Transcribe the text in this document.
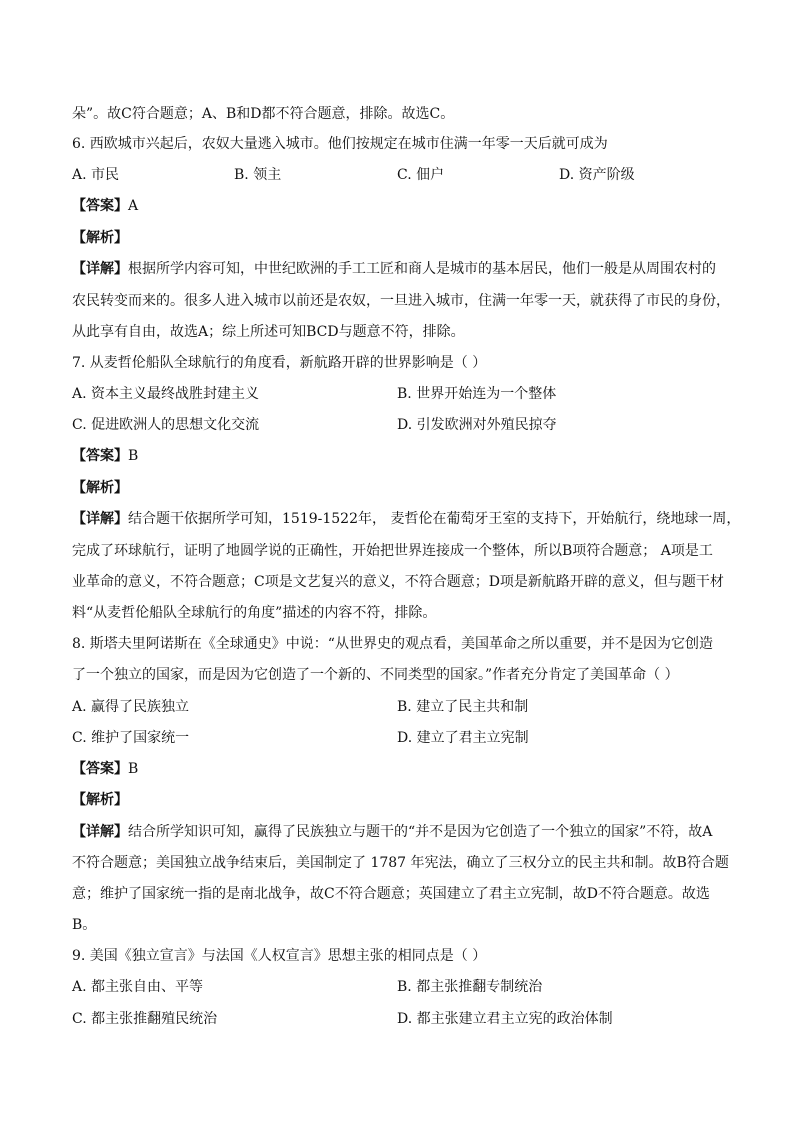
朵”。故C符合题意；A、B和D都不符合题意，排除。故选C。
6. 西欧城市兴起后，农奴大量逃入城市。他们按规定在城市住满一年零一天后就可成为
A. 市民	B. 领主	C. 佃户	D. 资产阶级
【答案】A
【解析】
【详解】根据所学内容可知，中世纪欧洲的手工工匠和商人是城市的基本居民，他们一般是从周围农村的
农民转变而来的。很多人进入城市以前还是农奴，一旦进入城市，住满一年零一天，就获得了市民的身份，
从此享有自由，故选A；综上所述可知BCD与题意不符，排除。
7. 从麦哲伦船队全球航行的角度看，新航路开辟的世界影响是（ ）
A. 资本主义最终战胜封建主义	B. 世界开始连为一个整体
C. 促进欧洲人的思想文化交流	D. 引发欧洲对外殖民掠夺
【答案】B
【解析】
【详解】结合题干依据所学可知，1519-1522年， 麦哲伦在葡萄牙王室的支持下，开始航行，绕地球一周，
完成了环球航行，证明了地圆学说的正确性，开始把世界连接成一个整体，所以B项符合题意； A项是工
业革命的意义，不符合题意；C项是文艺复兴的意义，不符合题意；D项是新航路开辟的意义，但与题干材
料“从麦哲伦船队全球航行的角度”描述的内容不符，排除。
8. 斯塔夫里阿诺斯在《全球通史》中说：“从世界史的观点看，美国革命之所以重要，并不是因为它创造
了一个独立的国家，而是因为它创造了一个新的、不同类型的国家。”作者充分肯定了美国革命（ ）
A. 赢得了民族独立	B. 建立了民主共和制
C. 维护了国家统一	D. 建立了君主立宪制
【答案】B
【解析】
【详解】结合所学知识可知，赢得了民族独立与题干的“并不是因为它创造了一个独立的国家”不符，故A
不符合题意；美国独立战争结束后，美国制定了 1787 年宪法，确立了三权分立的民主共和制。故B符合题
意；维护了国家统一指的是南北战争，故C不符合题意；英国建立了君主立宪制，故D不符合题意。故选
B。
9. 美国《独立宣言》与法国《人权宣言》思想主张的相同点是（ ）
A. 都主张自由、平等	B. 都主张推翻专制统治
C. 都主张推翻殖民统治	D. 都主张建立君主立宪的政治体制
